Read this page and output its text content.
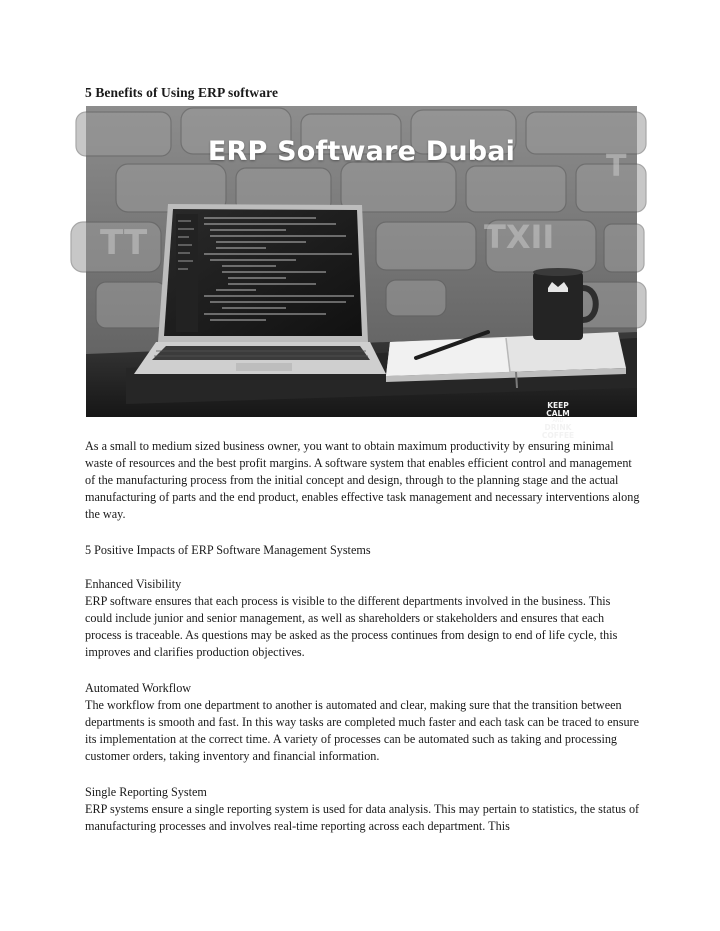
5 Benefits of Using ERP software
TT	TXII
T
ERP Software Dubai
KEEP
CALM
AND
DRINK
COFFEE

As a small to medium sized business owner, you want to obtain maximum productivity by ensuring minimal waste of resources and the best profit margins. A software system that enables efficient control and management of the manufacturing process from the initial concept and design, through to the planning stage and the actual manufacturing of parts and the end product, enables effective task management and necessary interventions along the way.

5 Positive Impacts of ERP Software Management Systems

Enhanced Visibility
ERP software ensures that each process is visible to the different departments involved in the business. This could include junior and senior management, as well as shareholders or stakeholders and ensures that each process is traceable. As questions may be asked as the process continues from design to end of life cycle, this improves and clarifies production objectives.
Automated Workflow
The workflow from one department to another is automated and clear, making sure that the transition between departments is smooth and fast. In this way tasks are completed much faster and each task can be traced to ensure its implementation at the correct time. A variety of processes can be automated such as taking and processing customer orders, taking inventory and financial information.
Single Reporting System
ERP systems ensure a single reporting system is used for data analysis. This may pertain to statistics, the status of manufacturing processes and involves real-time reporting across each department. This
